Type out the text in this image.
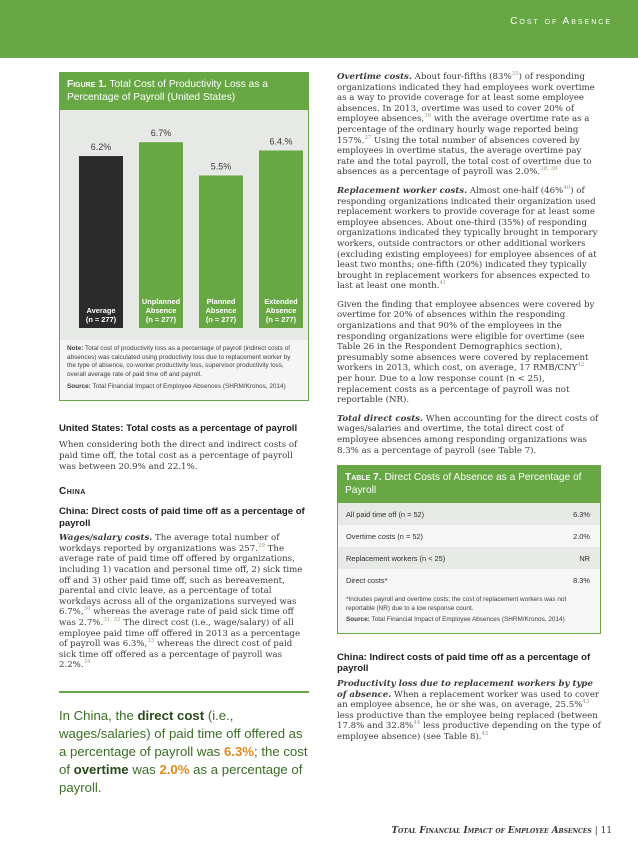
Cost of Absence
Figure 1. Total Cost of Productivity Loss as a Percentage of Payroll (United States)
6.2%
Average
(n = 277)
6.7%
Unplanned
Absence
(n = 277)
5.5%
Planned
Absence
(n = 277)
6.4.%
Extended
Absence
(n = 277)
Note: Total cost of productivity loss as a percentage of payroll (indirect costs of absences) was calculated using productivity loss due to replacement worker by the type of absence, co-worker productivity loss, supervisor productivity loss, overall average rate of paid time off and payroll.
Source: Total Financial Impact of Employee Absences (SHRM/Kronos, 2014)
United States: Total costs as a percentage of payroll

When considering both the direct and indirect costs of paid time off, the total cost as a percentage of payroll was between 20.9% and 22.1%.

China
China: Direct costs of paid time off as a percentage of payroll

Wages/salary costs. The average total number of workdays reported by organizations was 257.29 The average rate of paid time off offered by organizations, including 1) vacation and personal time off, 2) sick time off and 3) other paid time off, such as bereavement, parental and civic leave, as a percentage of total workdays across all of the organizations surveyed was 6.7%,$^{30}$ whereas the average rate of paid sick time off was 2.7%.$^{31, 32}$ The direct cost (i.e., wage/salary) of all employee paid time off offered in 2013 as a percentage of payroll was 6.3%,$^{33}$ whereas the direct cost of paid sick time off offered as a percentage of payroll was 2.2%.$^{34}$

In China, the direct cost (i.e., wages/salaries) of paid time off offered as a percentage of payroll was 6.3%; the cost of overtime was 2.0% as a percentage of payroll.

Overtime costs. About four-fifths (83%$^{35}$) of responding organizations indicated they had employees work overtime as a way to provide coverage for at least some employee absences. In 2013, overtime was used to cover 20% of employee absences,$^{36}$ with the average overtime rate as a percentage of the ordinary hourly wage reported being 157%.$^{37}$ Using the total number of absences covered by employees in overtime status, the average overtime pay rate and the total payroll, the total cost of overtime due to absences as a percentage of payroll was 2.0%.$^{38, 39}$

Replacement worker costs. Almost one-half (46%$^{40}$) of responding organizations indicated their organization used replacement workers to provide coverage for at least some employee absences. About one-third (35%) of responding organizations indicated they typically brought in temporary workers, outside contractors or other additional workers (excluding existing employees) for employee absences of at least two months; one-fifth (20%) indicated they typically brought in replacement workers for absences expected to last at least one month.$^{41}$

Given the finding that employee absences were covered by overtime for 20% of absences within the responding organizations and that 90% of the employees in the responding organizations were eligible for overtime (see Table 26 in the Respondent Demographics section), presumably some absences were covered by replacement workers in 2013, which cost, on average, 17 RMB/CNY$^{42}$ per hour. Due to a low response count (n < 25), replacement costs as a percentage of payroll was not reportable (NR).

Total direct costs. When accounting for the direct costs of wages/salaries and overtime, the total direct cost of employee absences among responding organizations was 8.3% as a percentage of payroll (see Table 7).

Table 7. Direct Costs of Absence as a Percentage of Payroll
All paid time off (n = 52)	6.3%
Overtime costs (n = 52)	2.0%
Replacement workers (n < 25)	NR
Direct costs*	8.3%
*Includes payroll and overtime costs; the cost of replacement workers was not reportable (NR) due to a low response count.
Source: Total Financial Impact of Employee Absences (SHRM/Kronos, 2014)
China: Indirect costs of paid time off as a percentage of payroll

Productivity loss due to replacement workers by type of absence. When a replacement worker was used to cover an employee absence, he or she was, on average, 25.5%$^{43}$ less productive than the employee being replaced (between 17.8% and 32.8%$^{44}$ less productive depending on the type of employee absence) (see Table 8).$^{45}$

Total Financial Impact of Employee Absences | 11
